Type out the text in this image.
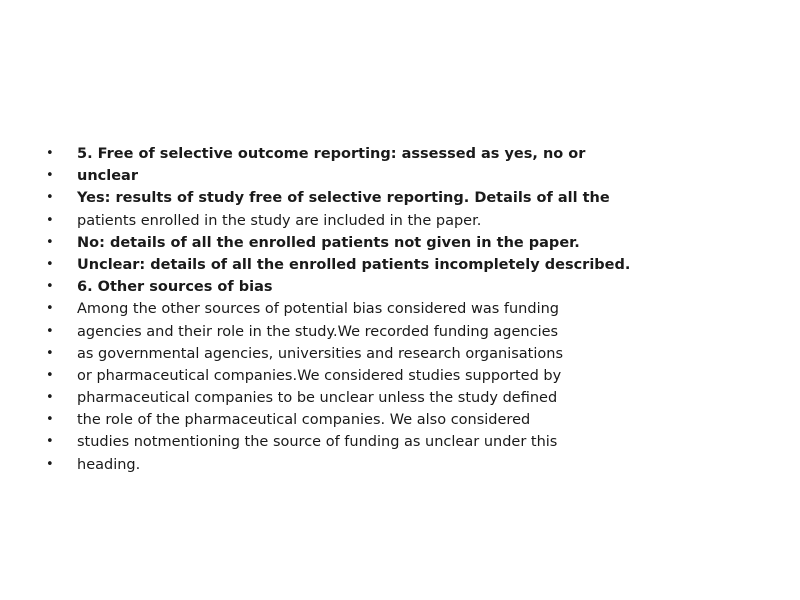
•	5. Free of selective outcome reporting: assessed as yes, no or
•	unclear
•	Yes: results of study free of selective reporting. Details of all the
•	patients enrolled in the study are included in the paper.
•	No: details of all the enrolled patients not given in the paper.
•	Unclear: details of all the enrolled patients incompletely described.
•	6. Other sources of bias
•	Among the other sources of potential bias considered was funding
•	agencies and their role in the study.We recorded funding agencies
•	as governmental agencies, universities and research organisations
•	or pharmaceutical companies.We considered studies supported by
•	pharmaceutical companies to be unclear unless the study defined
•	the role of the pharmaceutical companies. We also considered
•	studies notmentioning the source of funding as unclear under this
•	heading.
